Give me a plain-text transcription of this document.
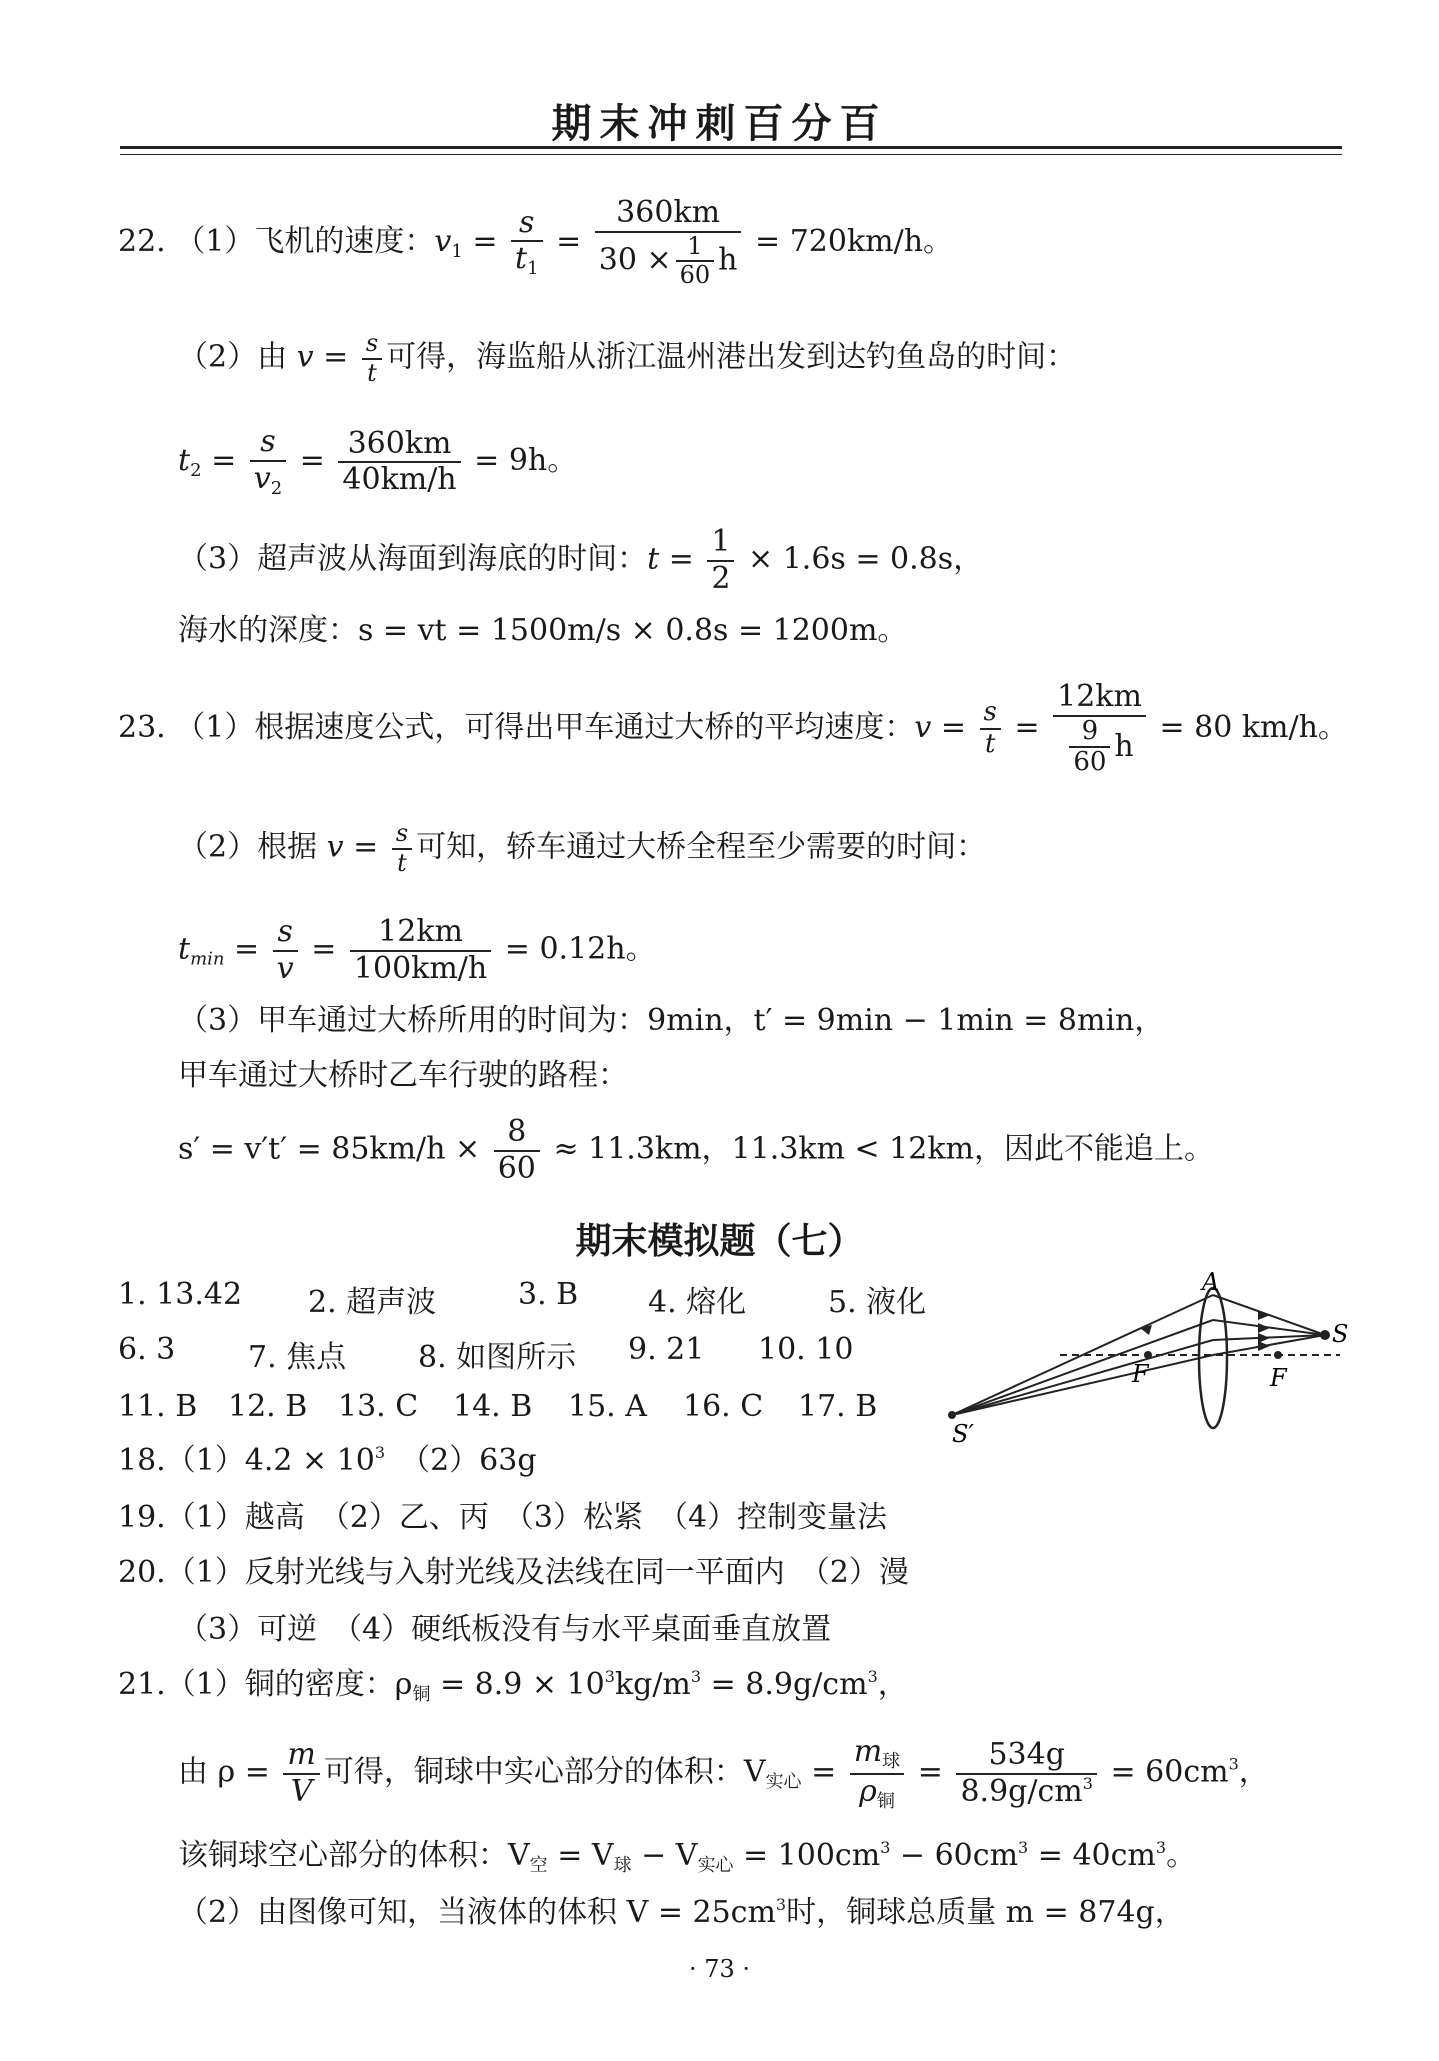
期末冲刺百分百
22. （1）飞机的速度：$v_1 = \frac{s}{t_1} = \frac{360km}{30 \times \frac{1}{60} h} = 720km/h$。
（2）由 $v = \frac{s}{t}$ 可得，海监船从浙江温州港出发到达钓鱼岛的时间：
$t_2 = \frac{s}{v_2} = \frac{360km}{40km/h} = 9h$。
（3）超声波从海面到海底的时间：$t = \frac{1}{2} \times 1.6s = 0.8s$，
海水的深度：s = vt = 1500m/s × 0.8s = 1200m。
23. （1）根据速度公式，可得出甲车通过大桥的平均速度：$v = \frac{s}{t} = \frac{12km}{\frac{9}{60} h} = 80$ km/h。
（2）根据 $v = \frac{s}{t}$ 可知，轿车通过大桥全程至少需要的时间：
$t_{min} = \frac{s}{v} = \frac{12km}{100km/h} = 0.12h$。
（3）甲车通过大桥所用的时间为：9min，t′ = 9min − 1min = 8min，
甲车通过大桥时乙车行驶的路程：
$s' = v't' = 85km/h \times \frac{8}{60} \approx 11.3km$，11.3km < 12km，因此不能追上。
期末模拟题（七）
1. 13.42 2. 超声波	3. B 4. 熔化	5. 液化
6. 3 7. 焦点 8. 如图所示 9. 21 10. 10
11. B 12. B 13. C 14. B 15. A 16. C 17. B
A
S
F	F
S′
$18.(1)4.2 \times 10^3$　（2）63g
19.（1）越高　（2）乙、丙　（3）松紧　（4）控制变量法
20.（1）反射光线与入射光线及法线在同一平面内　（2）漫
（3）可逆　（4）硬纸板没有与水平桌面垂直放置
21.（1）铜的密度：$\rho_铜 = 8.9 \times 10^3kg/m^3 = 8.9g/cm^3$，
由 $\rho = \frac{m}{V}$ 可得，铜球中实心部分的体积：$V_{实心} = \frac{m_球}{\rho_铜} = \frac{534g}{8.9g/cm^3} = 60cm^3$，
该铜球空心部分的体积：$V_空 = V_球 - V_{实心} = 100cm^3 - 60cm^3 = 40cm^3$。
（2）由图像可知，当液体的体积 $V = 25cm^3$时，铜球总质量 m = 874g，
· 73 ·
